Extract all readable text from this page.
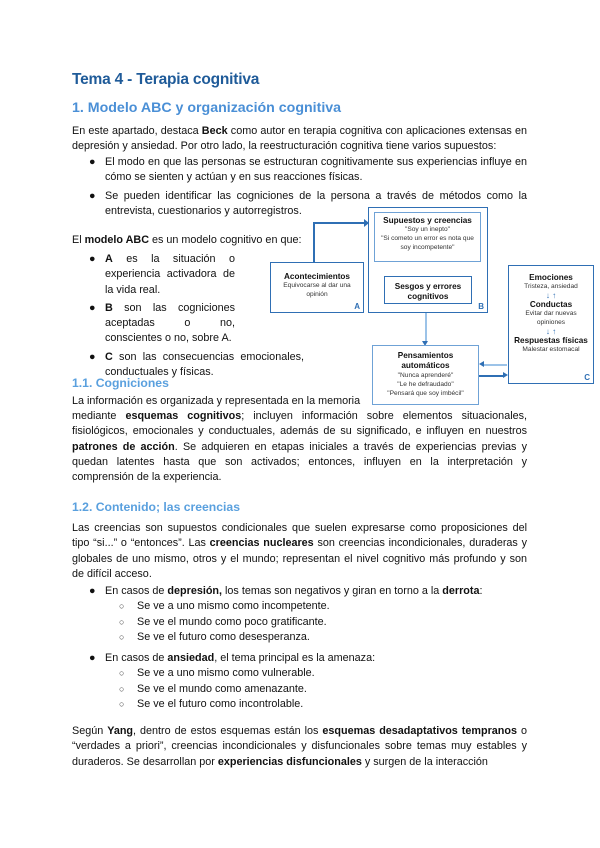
Tema 4 - Terapia cognitiva
1. Modelo ABC y organización cognitiva
En este apartado, destaca Beck como autor en terapia cognitiva con aplicaciones extensas en depresión y ansiedad. Por otro lado, la reestructuración cognitiva tiene varios supuestos:
● El modo en que las personas se estructuran cognitivamente sus experiencias influye en cómo se sienten y actúan y en sus reacciones físicas.
● Se pueden identificar las cogniciones de la persona a través de métodos como la entrevista, cuestionarios y autorregistros.
El modelo ABC es un modelo cognitivo en que:
● A es la situación o experiencia activadora de la vida real.
● B son las cogniciones aceptadas o no, conscientes o no, sobre A.
● C son las consecuencias emocionales, conductuales y físicas.
Acontecimientos
Equivocarse al dar una opinión
A
Supuestos y creencias
"Soy un inepto"
"Si cometo un error es nota que soy incompetente"
Sesgos y errores cognitivos
B
Pensamientos automáticos
"Nunca aprenderé"
"Le he defraudado"
"Pensará que soy imbécil"
Emociones
Tristeza, ansiedad
↓ ↑
Conductas
Evitar dar nuevas opiniones
↓ ↑
Respuestas físicas
Malestar estomacal
C
1.1. Cogniciones
La información es organizada y representada en la memoria
mediante esquemas cognitivos; incluyen información sobre elementos situacionales, fisiológicos, emocionales y conductuales, además de su significado, e influyen en nuestros patrones de acción. Se adquieren en etapas iniciales a través de experiencias previas y quedan latentes hasta que son activados; entonces, influyen en la interpretación y comprensión de la experiencia.
1.2. Contenido; las creencias
Las creencias son supuestos condicionales que suelen expresarse como proposiciones del tipo “si...” o “entonces”. Las creencias nucleares son creencias incondicionales, duraderas y globales de uno mismo, otros y el mundo; representan el nivel cognitivo más profundo y son de difícil acceso.
● En casos de depresión, los temas son negativos y giran en torno a la derrota:
○ Se ve a uno mismo como incompetente.
○ Se ve el mundo como poco gratificante.
○ Se ve el futuro como desesperanza.
● En casos de ansiedad, el tema principal es la amenaza:
○ Se ve a uno mismo como vulnerable.
○ Se ve el mundo como amenazante.
○ Se ve el futuro como incontrolable.
Según Yang, dentro de estos esquemas están los esquemas desadaptativos tempranos o “verdades a priori”, creencias incondicionales y disfuncionales sobre temas muy estables y duraderos. Se desarrollan por experiencias disfuncionales y surgen de la interacción
